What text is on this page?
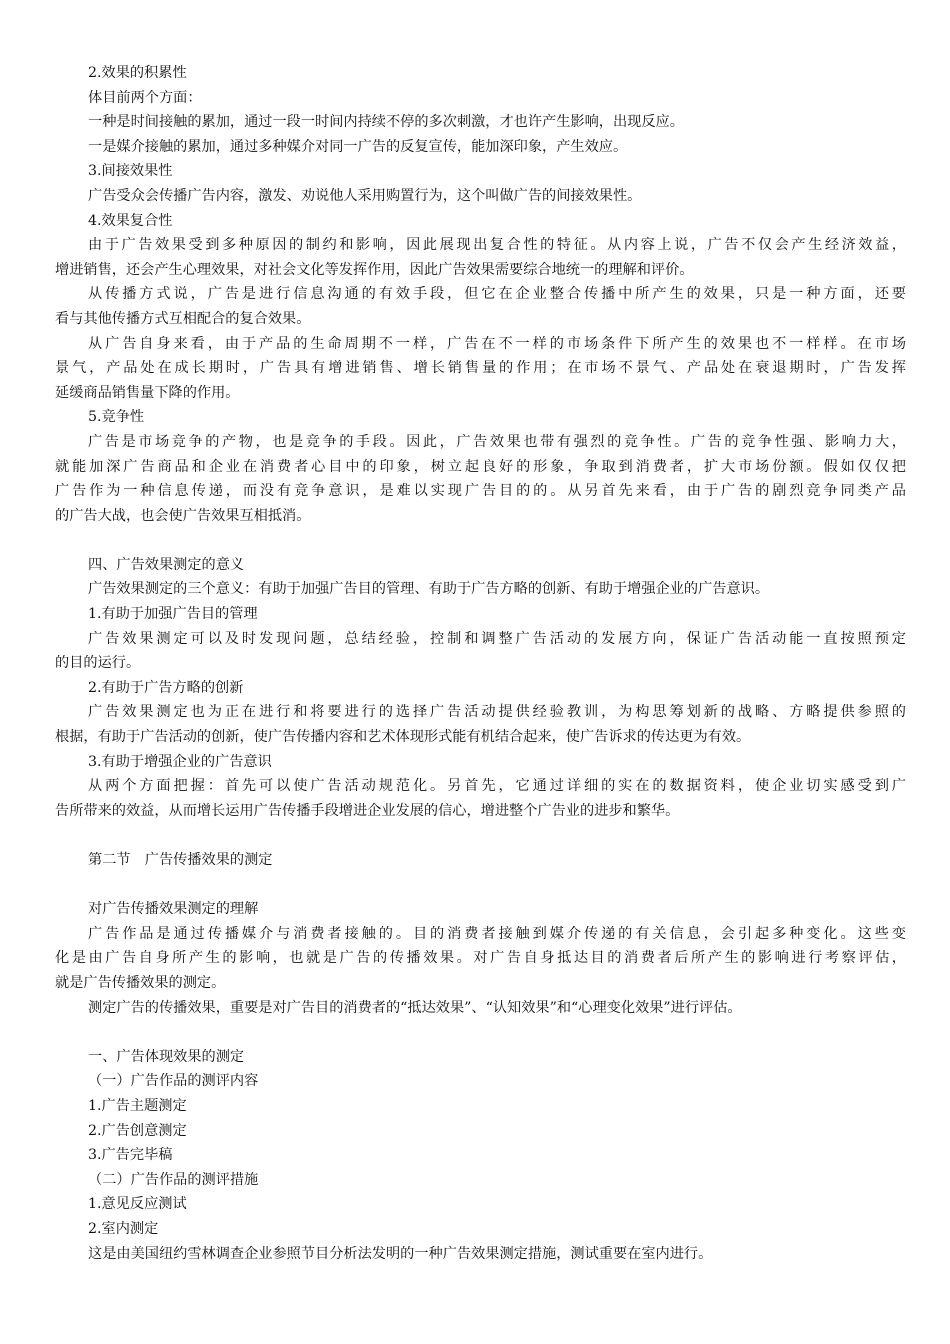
2.效果的积累性
体目前两个方面：
一种是时间接触的累加，通过一段一时间内持续不停的多次刺激，才也许产生影响，出现反应。
一是媒介接触的累加，通过多种媒介对同一广告的反复宣传，能加深印象，产生效应。
3.间接效果性
广告受众会传播广告内容，激发、劝说他人采用购置行为，这个叫做广告的间接效果性。
4.效果复合性
由于广告效果受到多种原因的制约和影响，因此展现出复合性的特征。从内容上说，广告不仅会产生经济效益，
增进销售，还会产生心理效果，对社会文化等发挥作用，因此广告效果需要综合地统一的理解和评价。
从传播方式说，广告是进行信息沟通的有效手段，但它在企业整合传播中所产生的效果，只是一种方面，还要
看与其他传播方式互相配合的复合效果。
从广告自身来看，由于产品的生命周期不一样，广告在不一样的市场条件下所产生的效果也不一样样。在市场
景气，产品处在成长期时，广告具有增进销售、增长销售量的作用；在市场不景气、产品处在衰退期时，广告发挥
延缓商品销售量下降的作用。
5.竞争性
广告是市场竞争的产物，也是竞争的手段。因此，广告效果也带有强烈的竞争性。广告的竞争性强、影响力大，
就能加深广告商品和企业在消费者心目中的印象，树立起良好的形象，争取到消费者，扩大市场份额。假如仅仅把
广告作为一种信息传递，而没有竞争意识，是难以实现广告目的的。从另首先来看，由于广告的剧烈竞争同类产品
的广告大战，也会使广告效果互相抵消。
四、广告效果测定的意义
广告效果测定的三个意义：有助于加强广告目的管理、有助于广告方略的创新、有助于增强企业的广告意识。
1.有助于加强广告目的管理
广告效果测定可以及时发现问题，总结经验，控制和调整广告活动的发展方向，保证广告活动能一直按照预定
的目的运行。
2.有助于广告方略的创新
广告效果测定也为正在进行和将要进行的选择广告活动提供经验教训，为构思筹划新的战略、方略提供参照的
根据，有助于广告活动的创新，使广告传播内容和艺术体现形式能有机结合起来，使广告诉求的传达更为有效。
3.有助于增强企业的广告意识
从两个方面把握：首先可以使广告活动规范化。另首先，它通过详细的实在的数据资料，使企业切实感受到广
告所带来的效益，从而增长运用广告传播手段增进企业发展的信心，增进整个广告业的进步和繁华。
第二节　广告传播效果的测定
对广告传播效果测定的理解
广告作品是通过传播媒介与消费者接触的。目的消费者接触到媒介传递的有关信息，会引起多种变化。这些变
化是由广告自身所产生的影响，也就是广告的传播效果。对广告自身抵达目的消费者后所产生的影响进行考察评估，
就是广告传播效果的测定。
测定广告的传播效果，重要是对广告目的消费者的“抵达效果”、“认知效果”和“心理变化效果”进行评估。
一、广告体现效果的测定
（一）广告作品的测评内容
1.广告主题测定
2.广告创意测定
3.广告完毕稿
（二）广告作品的测评措施
1.意见反应测试
2.室内测定
这是由美国纽约雪林调查企业参照节目分析法发明的一种广告效果测定措施，测试重要在室内进行。
